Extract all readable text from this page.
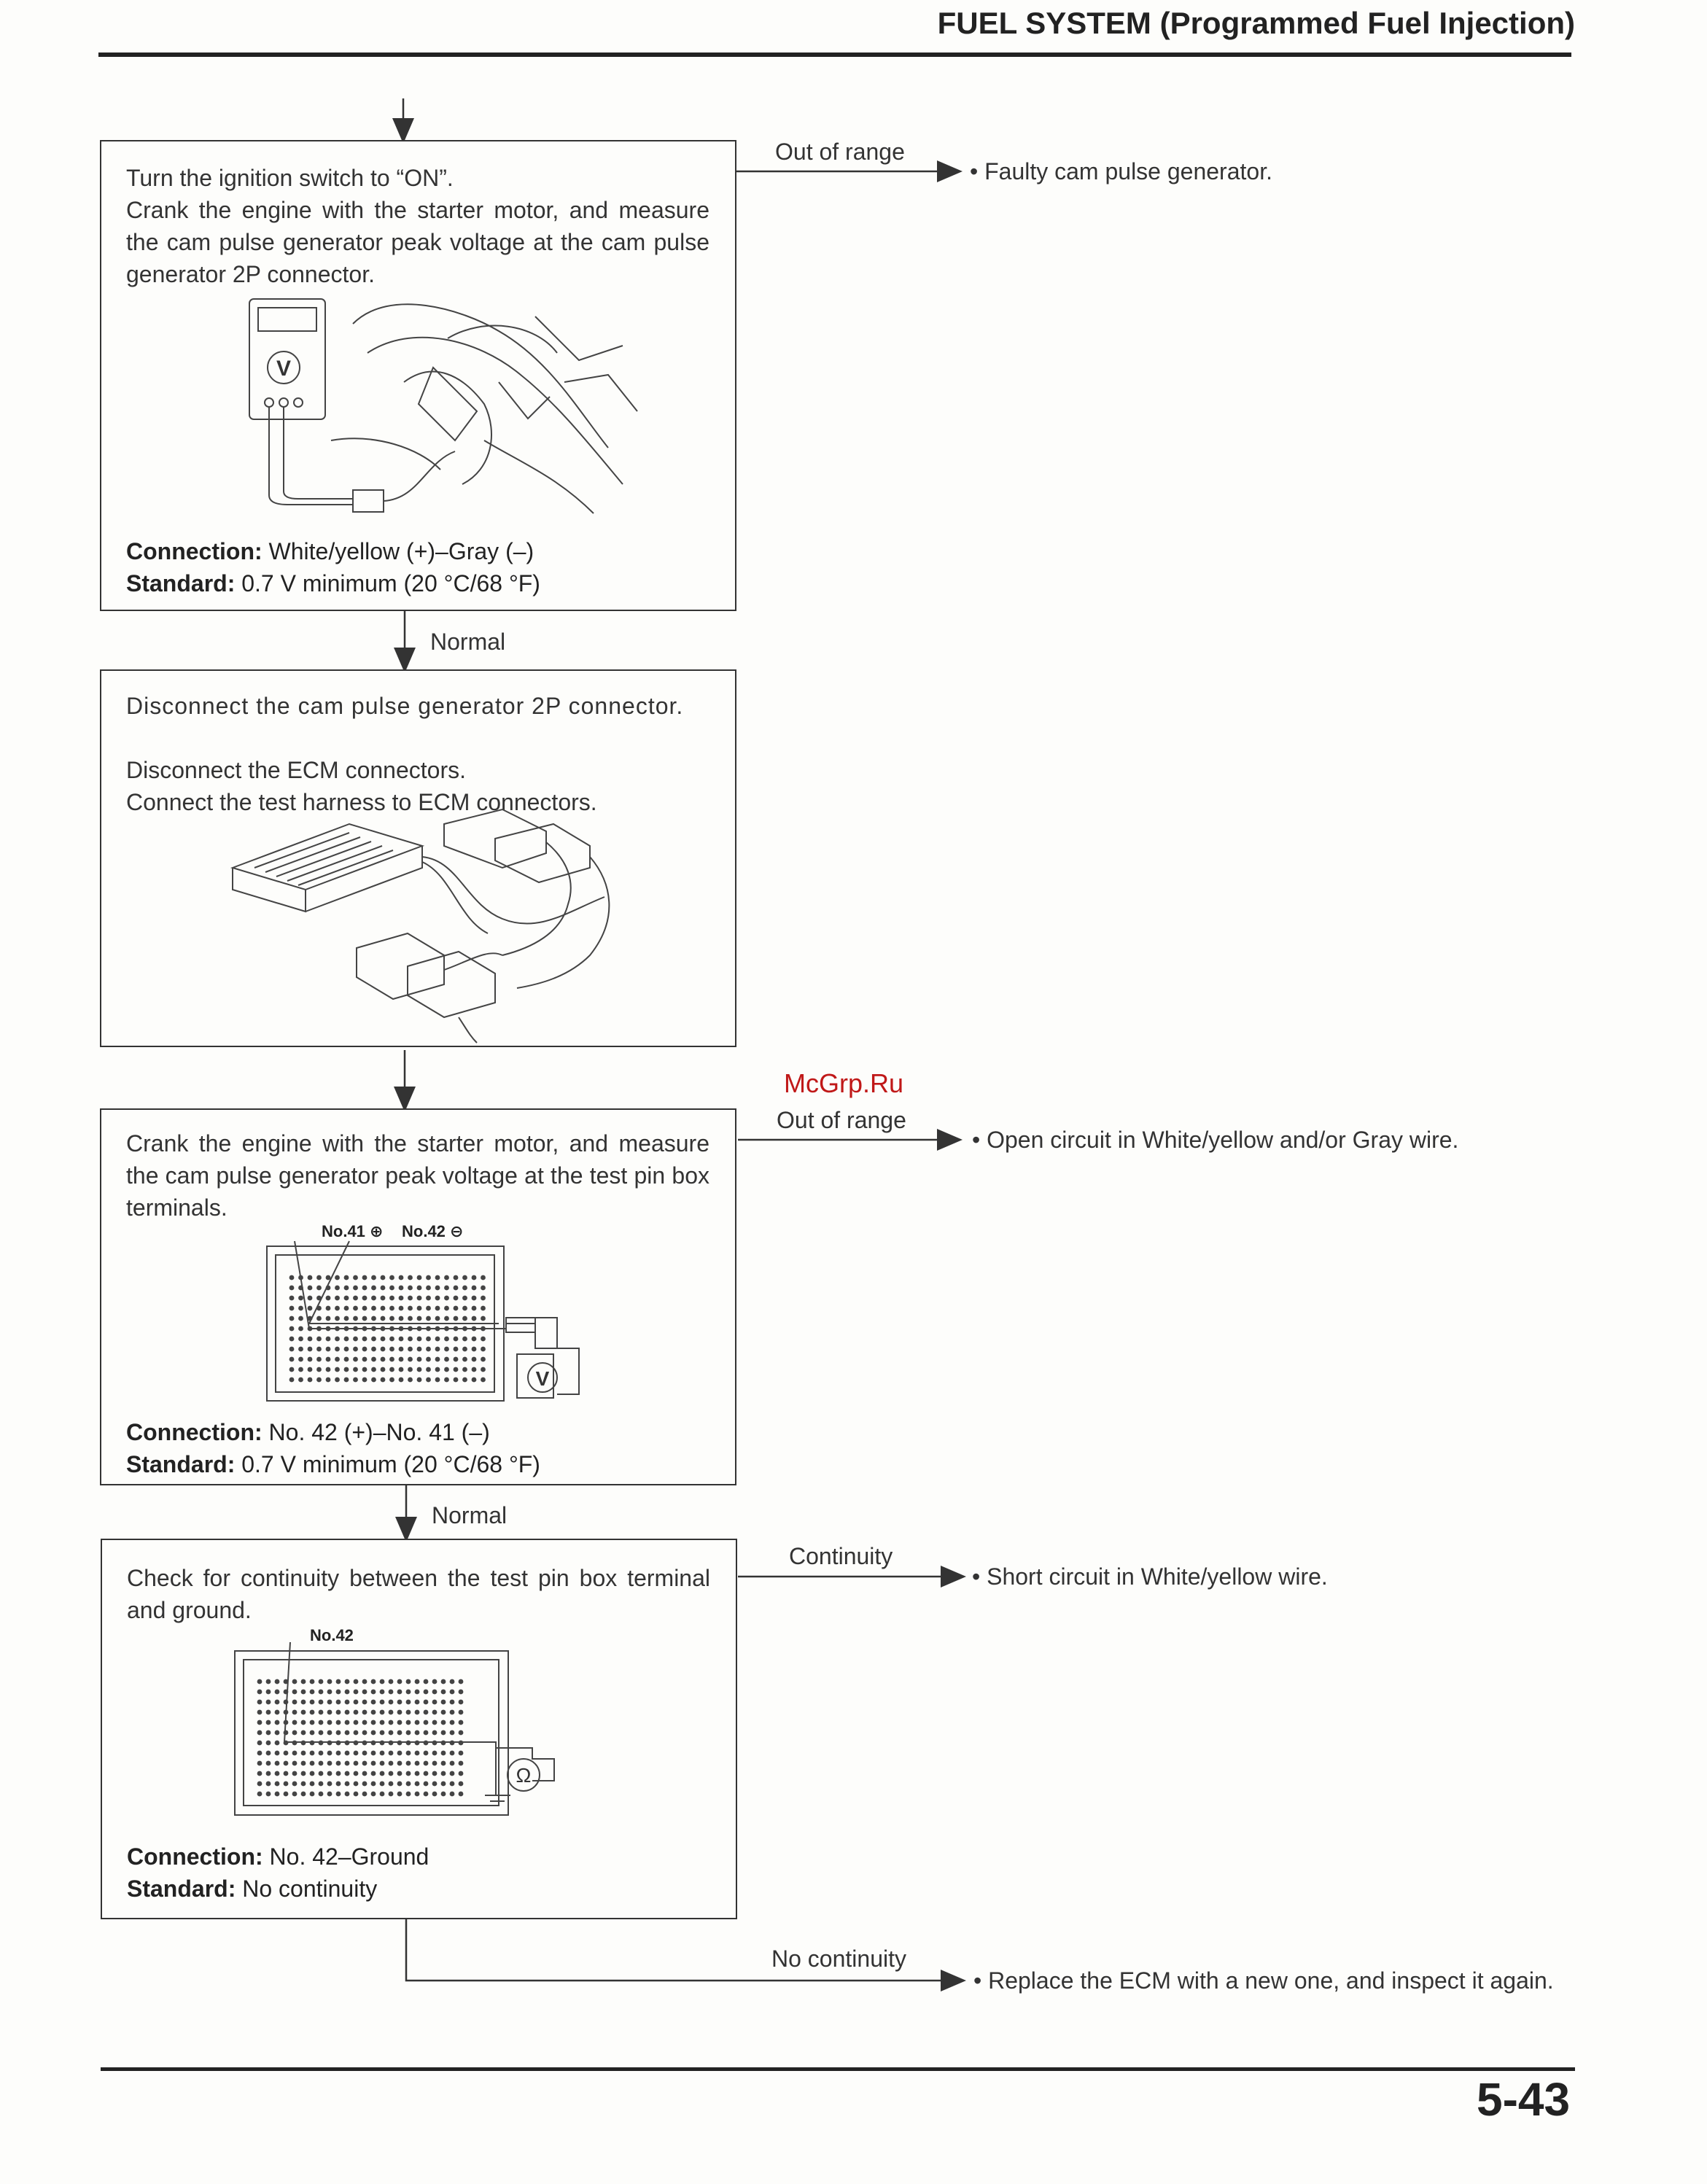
FUEL SYSTEM (Programmed Fuel Injection)
Turn the ignition switch to “ON”.
Crank the engine with the starter motor, and measure the cam pulse generator peak voltage at the cam pulse generator 2P connector.
V
Connection: White/yellow (+)–Gray (–)
Standard: 0.7 V minimum (20 °C/68 °F)
Out of range
• Faulty cam pulse generator.
Normal
Disconnect the cam pulse generator 2P connector.
Disconnect the ECM connectors.
Connect the test harness to ECM connectors.
McGrp.Ru
Crank the engine with the starter motor, and measure the cam pulse generator peak voltage at the test pin box terminals.
No.41 ⊕ No.42 ⊖
V
Connection: No. 42 (+)–No. 41 (–)
Standard: 0.7 V minimum (20 °C/68 °F)
Out of range
• Open circuit in White/yellow and/or Gray wire.
Normal
Check for continuity between the test pin box terminal and ground.
No.42
Ω
Connection: No. 42–Ground
Standard: No continuity
Continuity
• Short circuit in White/yellow wire.
No continuity
• Replace the ECM with a new one, and inspect it again.
5-43
